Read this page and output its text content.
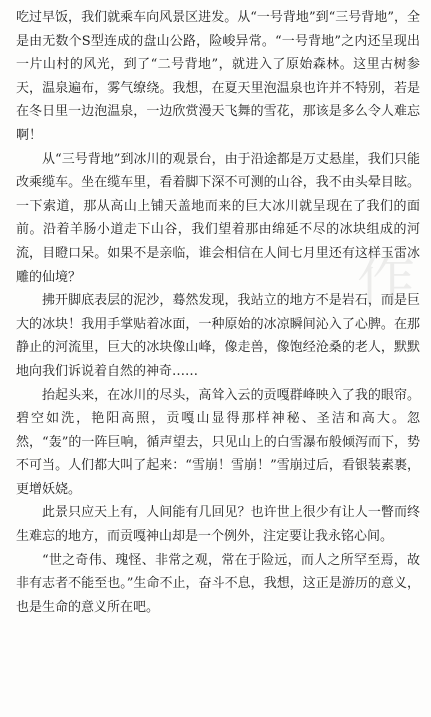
吃过早饭，我们就乘车向风景区进发。从“一号背地”到“三号背地”，全是由无数个S型连成的盘山公路，险峻异常。“一号背地”之内还呈现出一片山村的风光，到了“二号背地”，就进入了原始森林。这里古树参天，温泉遍布，雾气缭绕。我想，在夏天里泡温泉也许并不特别，若是在冬日里一边泡温泉，一边欣赏漫天飞舞的雪花，那该是多么令人难忘啊！

从“三号背地”到冰川的观景台，由于沿途都是万丈悬崖，我们只能改乘缆车。坐在缆车里，看着脚下深不可测的山谷，我不由头晕目眩。一下索道，那从高山上铺天盖地而来的巨大冰川就呈现在了我们的面前。沿着羊肠小道走下山谷，我们望着那由绵延不尽的冰块组成的河流，目瞪口呆。如果不是亲临，谁会相信在人间七月里还有这样玉雷冰雕的仙境？

拂开脚底表层的泥沙，蓦然发现，我站立的地方不是岩石，而是巨大的冰块！我用手掌贴着冰面，一种原始的冰凉瞬间沁入了心脾。在那静止的河流里，巨大的冰块像山峰，像走兽，像饱经沧桑的老人，默默地向我们诉说着自然的神奇……

抬起头来，在冰川的尽头，高耸入云的贡嘎群峰映入了我的眼帘。碧空如洗，艳阳高照，贡嘎山显得那样神秘、圣洁和高大。忽然，“轰”的一阵巨响，循声望去，只见山上的白雪瀑布般倾泻而下，势不可当。人们都大叫了起来：“雪崩！雪崩！”雪崩过后，看银装素裹，更增妖娆。

此景只应天上有，人间能有几回见？也许世上很少有让人一瞥而终生难忘的地方，而贡嘎神山却是一个例外，注定要让我永铭心间。

“世之奇伟、瑰怪、非常之观，常在于险远，而人之所罕至焉，故非有志者不能至也。”生命不止，奋斗不息，我想，这正是游历的意义，也是生命的意义所在吧。

作
